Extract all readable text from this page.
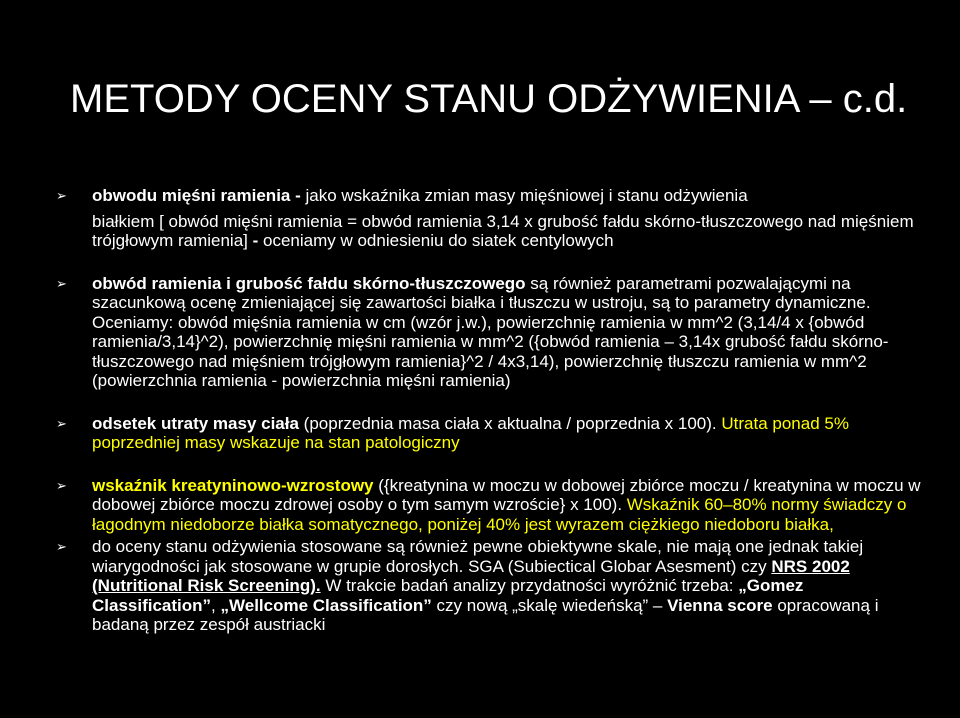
METODY OCENY STANU ODŻYWIENIA – c.d.
➢ obwodu mięśni ramienia - jako wskaźnika zmian masy mięśniowej i stanu odżywienia
białkiem [ obwód mięśni ramienia = obwód ramienia 3,14 x grubość fałdu skórno-tłuszczowego nad mięśniem trójgłowym ramienia] - oceniamy w odniesieniu do siatek centylowych
➢ obwód ramienia i grubość fałdu skórno-tłuszczowego są również parametrami pozwalającymi na szacunkową ocenę zmieniającej się zawartości białka i tłuszczu w ustroju, są to parametry dynamiczne. Oceniamy: obwód mięśnia ramienia w cm (wzór j.w.), powierzchnię ramienia w mm^2 (3,14/4 x {obwód ramienia/3,14}^2), powierzchnię mięśni ramienia w mm^2 ({obwód ramienia – 3,14x grubość fałdu skórno-tłuszczowego nad mięśniem trójgłowym ramienia}^2 / 4x3,14), powierzchnię tłuszczu ramienia w mm^2 (powierzchnia ramienia - powierzchnia mięśni ramienia)
➢ odsetek utraty masy ciała (poprzednia masa ciała x aktualna / poprzednia x 100). Utrata ponad 5% poprzedniej masy wskazuje na stan patologiczny
➢ wskaźnik kreatyninowo-wzrostowy ({kreatynina w moczu w dobowej zbiórce moczu / kreatynina w moczu w dobowej zbiórce moczu zdrowej osoby o tym samym wzroście} x 100). Wskaźnik 60–80% normy świadczy o łagodnym niedoborze białka somatycznego, poniżej 40% jest wyrazem ciężkiego niedoboru białka,
➢ do oceny stanu odżywienia stosowane są również pewne obiektywne skale, nie mają one jednak takiej wiarygodności jak stosowane w grupie dorosłych. SGA (Subiectical Globar Asesment) czy NRS 2002 (Nutritional Risk Screening). W trakcie badań analizy przydatności wyróżnić trzeba: „Gomez Classification”, „Wellcome Classification” czy nową „skalę wiedeńską” – Vienna score opracowaną i badaną przez zespół austriacki
